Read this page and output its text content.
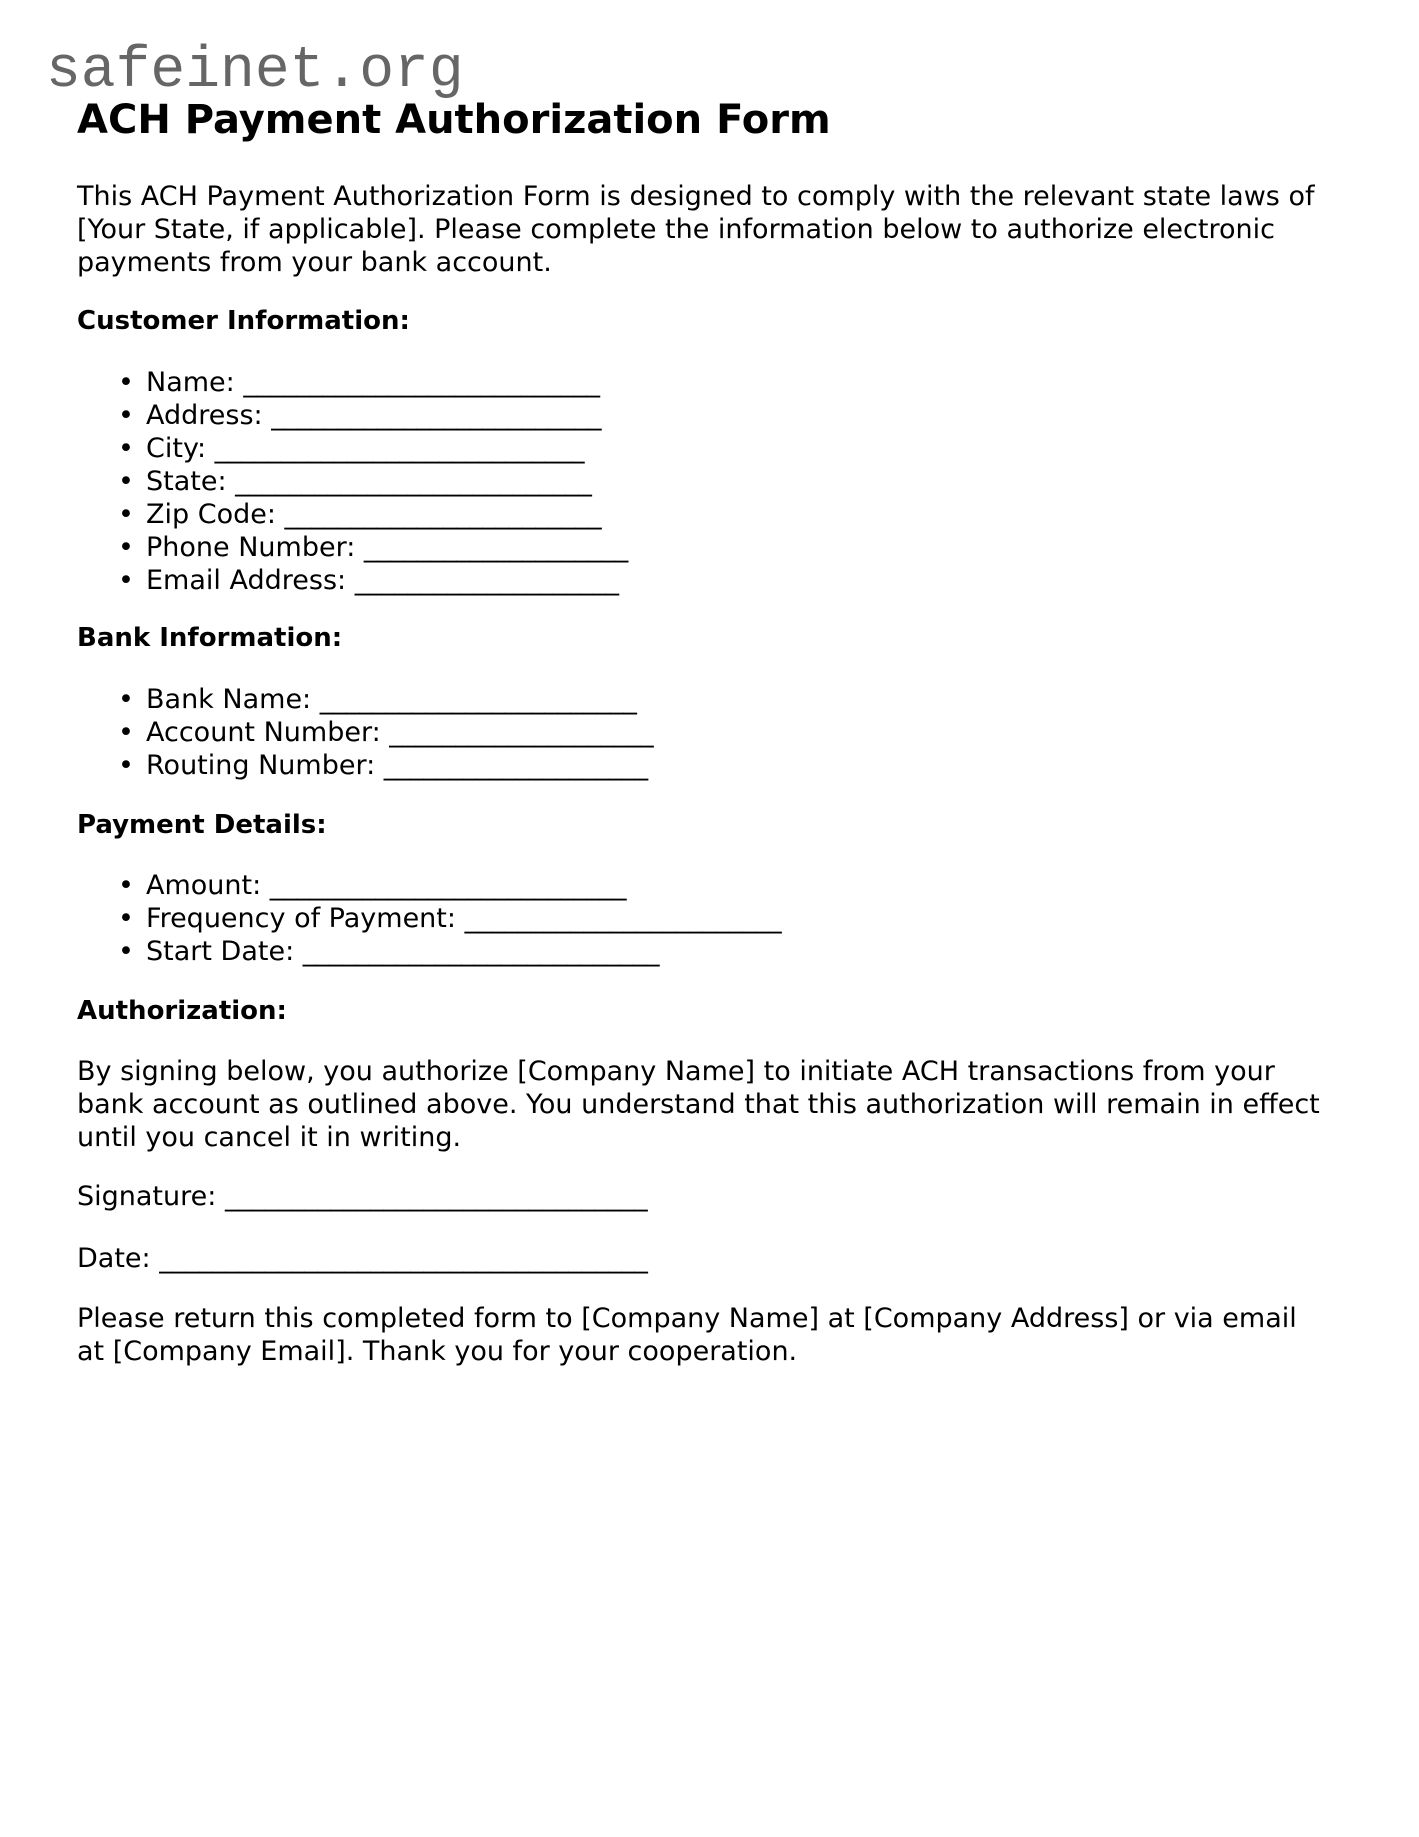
safeinet.org
ACH Payment Authorization Form

This ACH Payment Authorization Form is designed to comply with the relevant state laws of [Your State, if applicable]. Please complete the information below to authorize electronic payments from your bank account.

Customer Information:
• Name: ___________________________
• Address: _________________________
• City: ____________________________
• State: ___________________________
• Zip Code: ________________________
• Phone Number: ____________________
• Email Address: ____________________
Bank Information:
• Bank Name: ________________________
• Account Number: ____________________
• Routing Number: ____________________
Payment Details:
• Amount: ___________________________
• Frequency of Payment: ________________________
• Start Date: ___________________________
Authorization:

By signing below, you authorize [Company Name] to initiate ACH transactions from your bank account as outlined above. You understand that this authorization will remain in effect until you cancel it in writing.

Signature: ________________________________
Date: _____________________________________

Please return this completed form to [Company Name] at [Company Address] or via email at [Company Email]. Thank you for your cooperation.
